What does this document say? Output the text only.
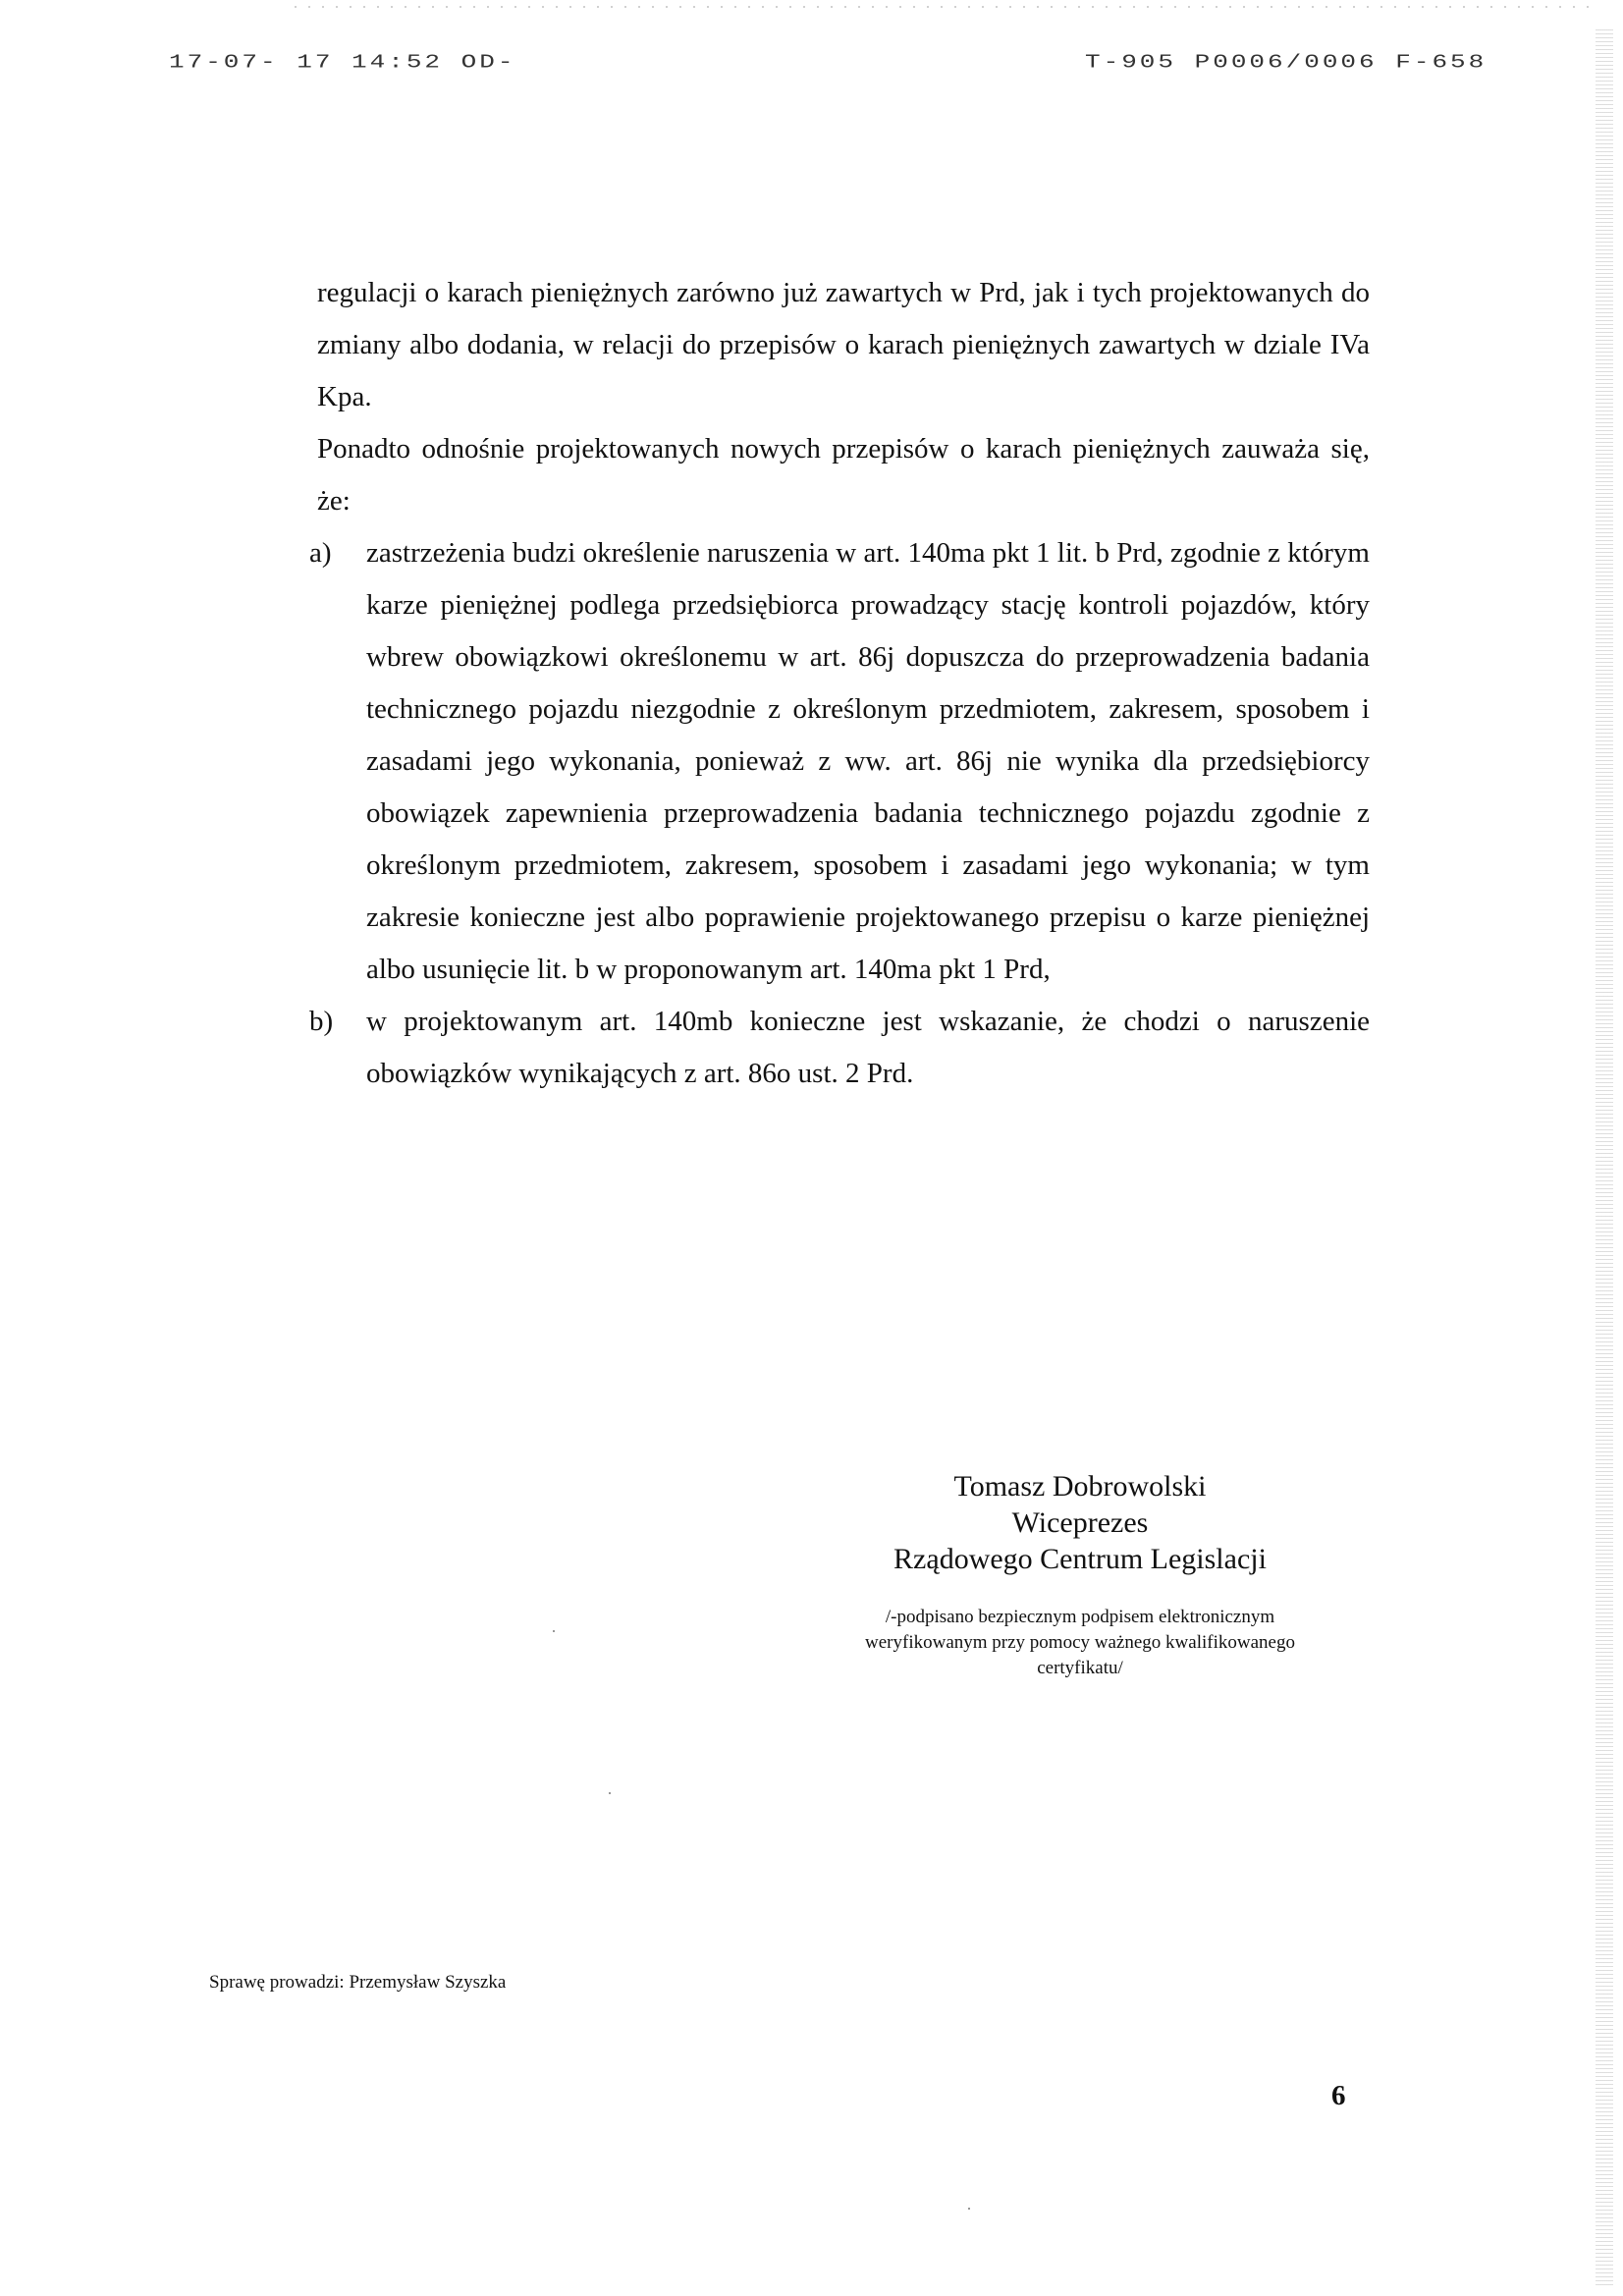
17-07- 17 14:52 OD-	T-905 P0006/0006 F-658

regulacji o karach pieniężnych zarówno już zawartych w Prd, jak i tych projektowanych do zmiany albo dodania, w relacji do przepisów o karach pieniężnych zawartych w dziale IVa Kpa.

Ponadto odnośnie projektowanych nowych przepisów o karach pieniężnych zauważa się, że:

a) zastrzeżenia budzi określenie naruszenia w art. 140ma pkt 1 lit. b Prd, zgodnie z którym karze pieniężnej podlega przedsiębiorca prowadzący stację kontroli pojazdów, który wbrew obowiązkowi określonemu w art. 86j dopuszcza do przeprowadzenia badania technicznego pojazdu niezgodnie z określonym przedmiotem, zakresem, sposobem i zasadami jego wykonania, ponieważ z ww. art. 86j nie wynika dla przedsiębiorcy obowiązek zapewnienia przeprowadzenia badania technicznego pojazdu zgodnie z określonym przedmiotem, zakresem, sposobem i zasadami jego wykonania; w tym zakresie konieczne jest albo poprawienie projektowanego przepisu o karze pieniężnej albo usunięcie lit. b w proponowanym art. 140ma pkt 1 Prd,
b) w projektowanym art. 140mb konieczne jest wskazanie, że chodzi o naruszenie obowiązków wynikających z art. 86o ust. 2 Prd.
Tomasz Dobrowolski
Wiceprezes
Rządowego Centrum Legislacji
/-podpisano bezpiecznym podpisem elektronicznym weryfikowanym przy pomocy ważnego kwalifikowanego certyfikatu/
Sprawę prowadzi: Przemysław Szyszka
6
